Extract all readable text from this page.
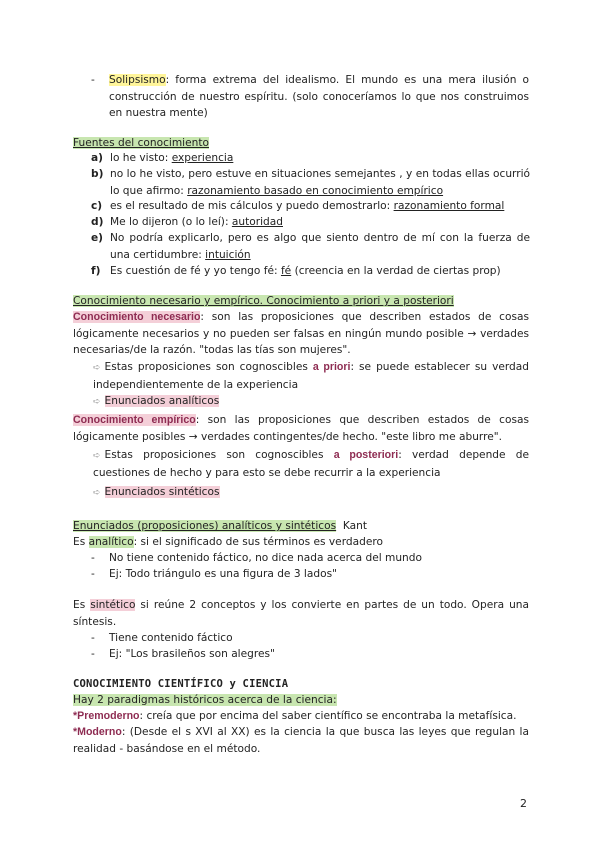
- Solipsismo: forma extrema del idealismo. El mundo es una mera ilusión o construcción de nuestro espíritu. (solo conoceríamos lo que nos construimos en nuestra mente)
Fuentes del conocimiento
a) lo he visto: experiencia
b) no lo he visto, pero estuve en situaciones semejantes , y en todas ellas ocurrió lo que afirmo: razonamiento basado en conocimiento empírico
c) es el resultado de mis cálculos y puedo demostrarlo: razonamiento formal
d) Me lo dijeron (o lo leí): autoridad
e) No podría explicarlo, pero es algo que siento dentro de mí con la fuerza de una certidumbre: intuición
f) Es cuestión de fé y yo tengo fé: fé (creencia en la verdad de ciertas prop)
Conocimiento necesario y empírico. Conocimiento a priori y a posteriori
Conocimiento necesario: son las proposiciones que describen estados de cosas lógicamente necesarios y no pueden ser falsas en ningún mundo posible → verdades necesarias/de la razón. "todas las tías son mujeres".
➪ Estas proposiciones son cognoscibles a priori: se puede establecer su verdad independientemente de la experiencia
➪ Enunciados analíticos
Conocimiento empírico: son las proposiciones que describen estados de cosas lógicamente posibles → verdades contingentes/de hecho. "este libro me aburre".
➪ Estas proposiciones son cognoscibles a posteriori: verdad depende de cuestiones de hecho y para esto se debe recurrir a la experiencia
➪ Enunciados sintéticos
Enunciados (proposiciones) analíticos y sintéticos Kant
Es analítico: si el significado de sus términos es verdadero
- No tiene contenido fáctico, no dice nada acerca del mundo
- Ej: Todo triángulo es una figura de 3 lados"
Es sintético si reúne 2 conceptos y los convierte en partes de un todo. Opera una síntesis.
- Tiene contenido fáctico
- Ej: "Los brasileños son alegres"
CONOCIMIENTO CIENTÍFICO y CIENCIA
Hay 2 paradigmas históricos acerca de la ciencia:
*Premoderno: creía que por encima del saber científico se encontraba la metafísica.
*Moderno: (Desde el s XVI al XX) es la ciencia la que busca las leyes que regulan la realidad - basándose en el método.
2
